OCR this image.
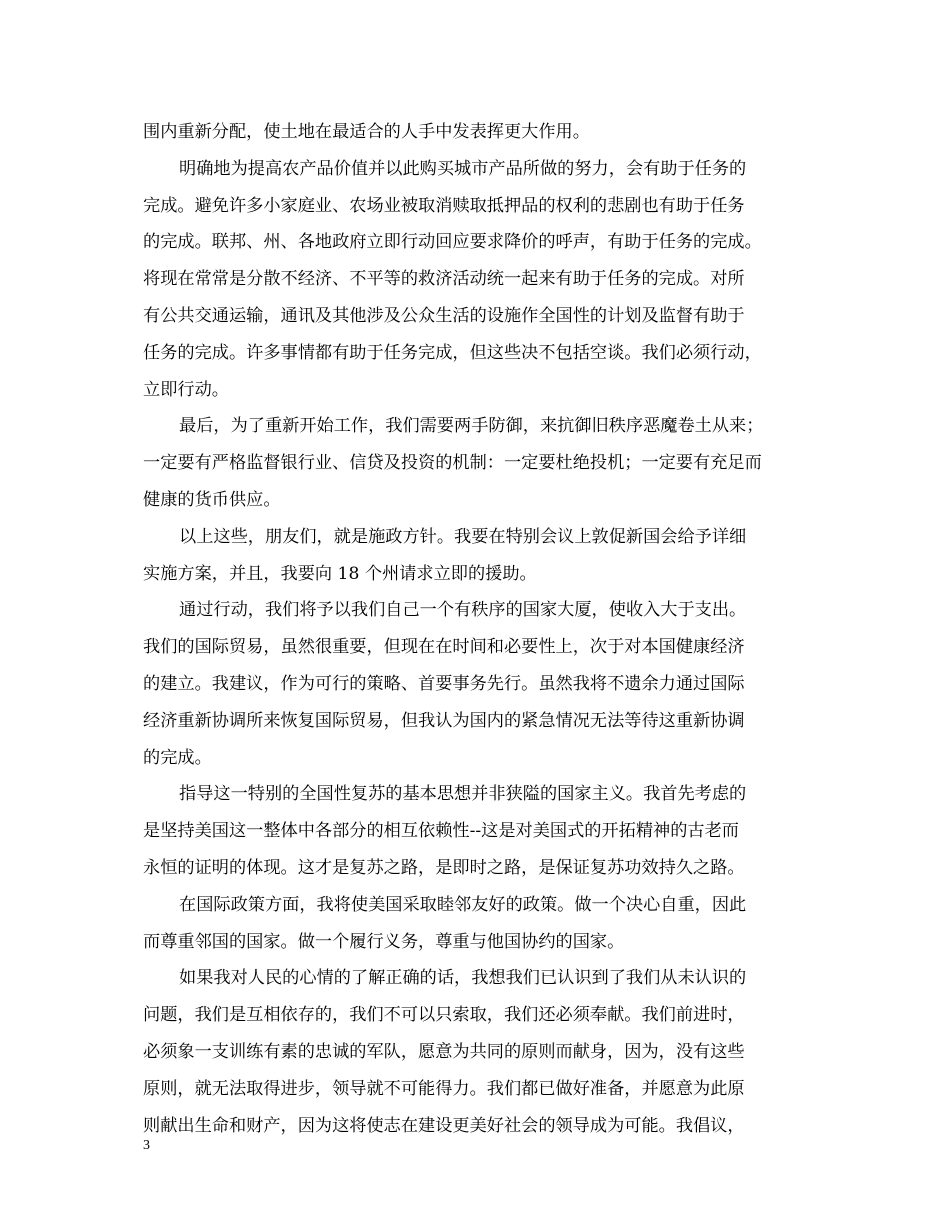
围内重新分配，使土地在最适合的人手中发表挥更大作用。
明确地为提高农产品价值并以此购买城市产品所做的努力，会有助于任务的
完成。避免许多小家庭业、农场业被取消赎取抵押品的权利的悲剧也有助于任务
的完成。联邦、州、各地政府立即行动回应要求降价的呼声，有助于任务的完成。
将现在常常是分散不经济、不平等的救济活动统一起来有助于任务的完成。对所
有公共交通运输，通讯及其他涉及公众生活的设施作全国性的计划及监督有助于
任务的完成。许多事情都有助于任务完成，但这些决不包括空谈。我们必须行动，
立即行动。
最后，为了重新开始工作，我们需要两手防御，来抗御旧秩序恶魔卷土从来；
一定要有严格监督银行业、信贷及投资的机制：一定要杜绝投机；一定要有充足而
健康的货币供应。
以上这些，朋友们，就是施政方针。我要在特别会议上敦促新国会给予详细
实施方案，并且，我要向 18 个州请求立即的援助。
通过行动，我们将予以我们自己一个有秩序的国家大厦，使收入大于支出。
我们的国际贸易，虽然很重要，但现在在时间和必要性上，次于对本国健康经济
的建立。我建议，作为可行的策略、首要事务先行。虽然我将不遗余力通过国际
经济重新协调所来恢复国际贸易，但我认为国内的紧急情况无法等待这重新协调
的完成。
指导这一特别的全国性复苏的基本思想并非狭隘的国家主义。我首先考虑的
是坚持美国这一整体中各部分的相互依赖性--这是对美国式的开拓精神的古老而
永恒的证明的体现。这才是复苏之路，是即时之路，是保证复苏功效持久之路。
在国际政策方面，我将使美国采取睦邻友好的政策。做一个决心自重，因此
而尊重邻国的国家。做一个履行义务，尊重与他国协约的国家。
如果我对人民的心情的了解正确的话，我想我们已认识到了我们从未认识的
问题，我们是互相依存的，我们不可以只索取，我们还必须奉献。我们前进时，
必须象一支训练有素的忠诚的军队，愿意为共同的原则而献身，因为，没有这些
原则，就无法取得进步，领导就不可能得力。我们都已做好准备，并愿意为此原
则献出生命和财产，因为这将使志在建设更美好社会的领导成为可能。我倡议，
3
